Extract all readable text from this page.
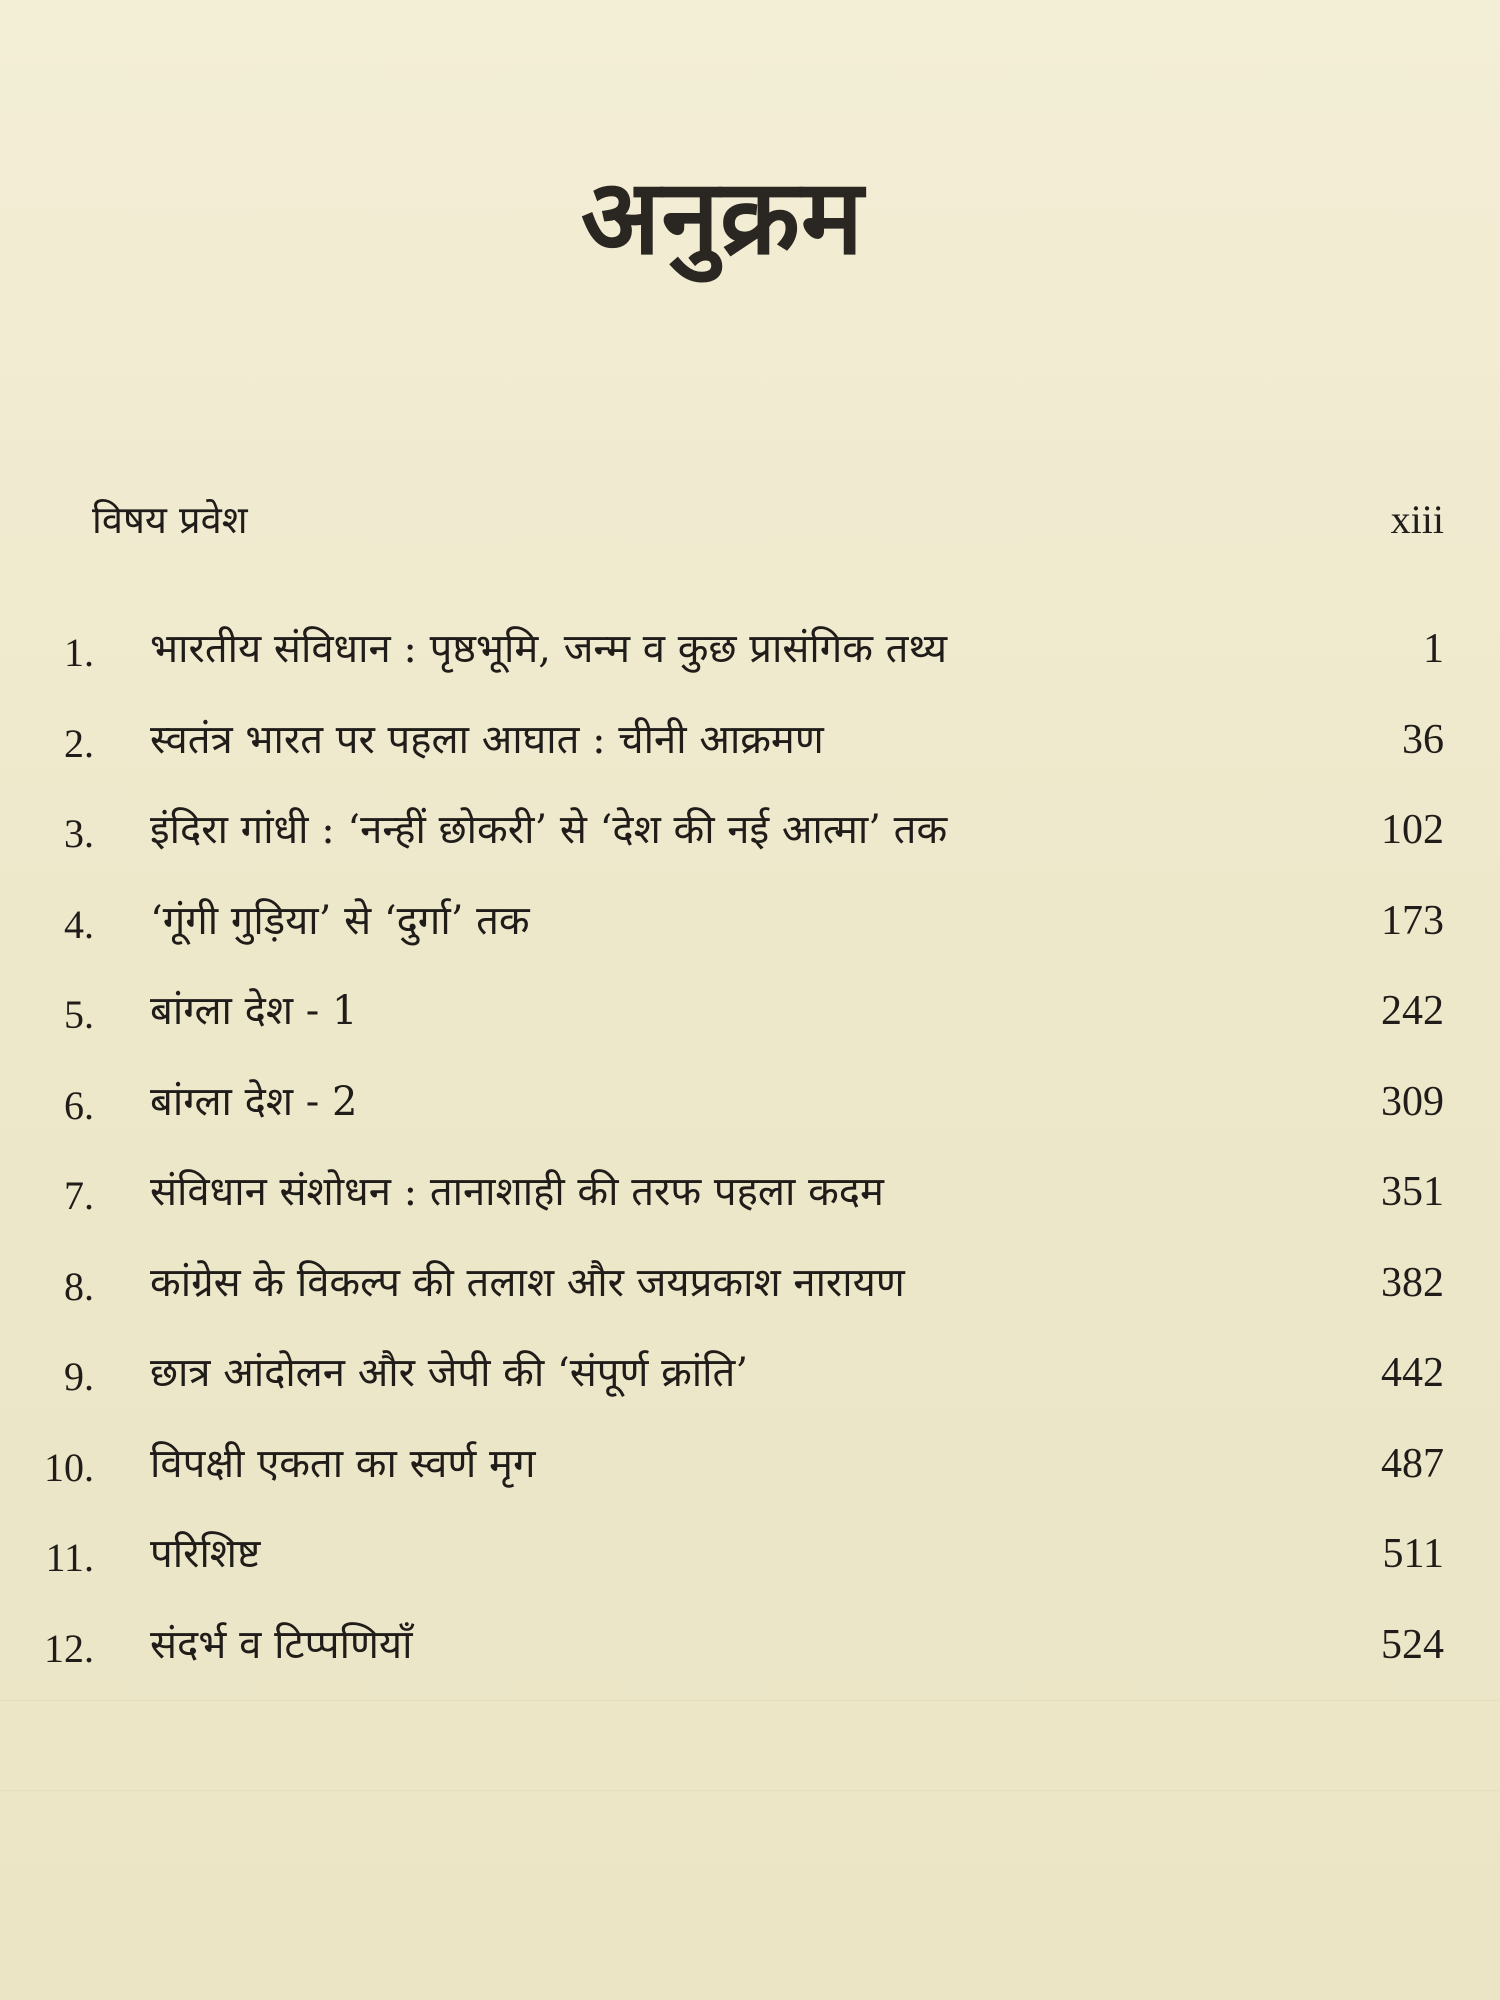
अनुक्रम
विषय प्रवेश	xiii
1. भारतीय संविधान : पृष्ठभूमि, जन्म व कुछ प्रासंगिक तथ्य	1
2. स्वतंत्र भारत पर पहला आघात : चीनी आक्रमण	36
3. इंदिरा गांधी : ‘नन्हीं छोकरी’ से ‘देश की नई आत्मा’ तक	102
4. ‘गूंगी गुड़िया’ से ‘दुर्गा’ तक	173
5. बांग्ला देश - 1	242
6. बांग्ला देश - 2	309
7. संविधान संशोधन : तानाशाही की तरफ पहला कदम	351
8. कांग्रेस के विकल्प की तलाश और जयप्रकाश नारायण	382
9. छात्र आंदोलन और जेपी की ‘संपूर्ण क्रांति’	442
10. विपक्षी एकता का स्वर्ण मृग	487
11. परिशिष्ट	511
12. संदर्भ व टिप्पणियाँ	524
